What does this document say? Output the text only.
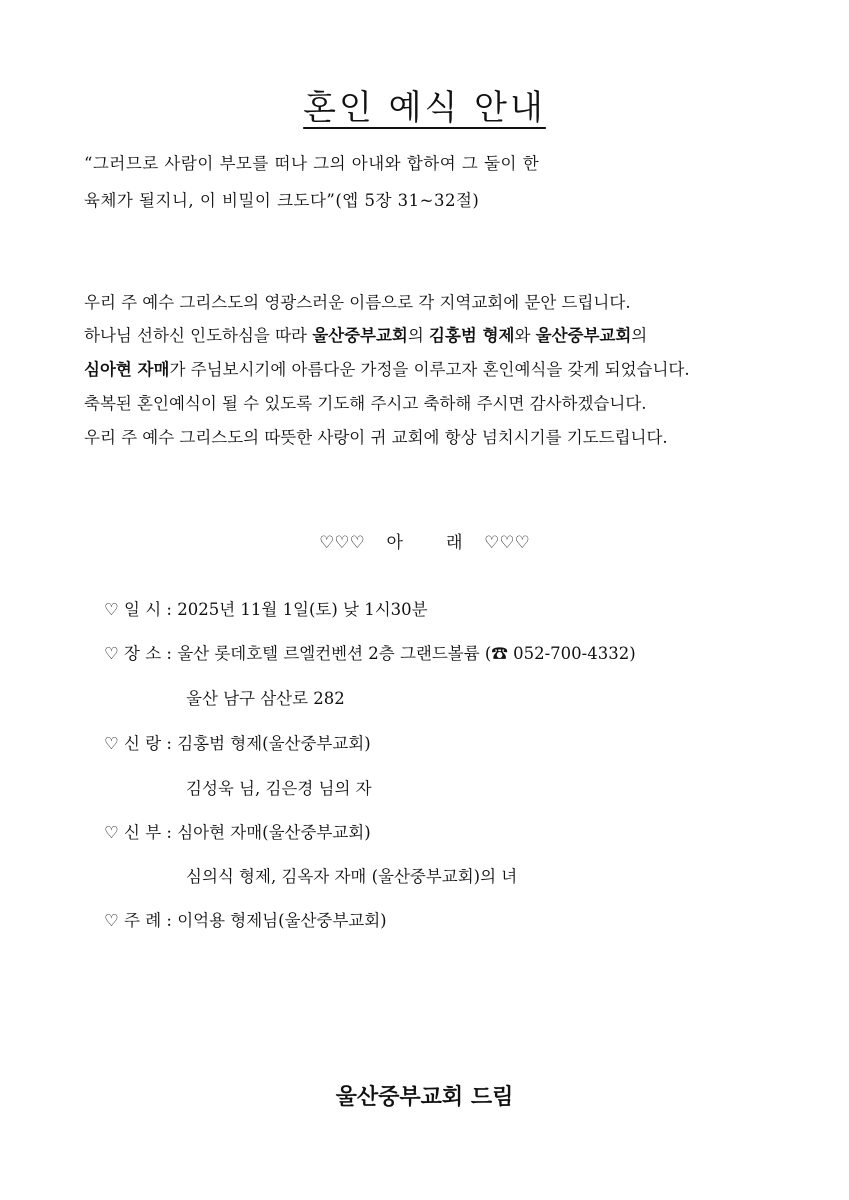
혼인 예식 안내
“그러므로 사람이 부모를 떠나 그의 아내와 합하여 그 둘이 한
육체가 될지니, 이 비밀이 크도다”(엡 5장 31~32절)
우리 주 예수 그리스도의 영광스러운 이름으로 각 지역교회에 문안 드립니다.
하나님 선하신 인도하심을 따라 울산중부교회의 김홍범 형제와 울산중부교회의
심아현 자매가 주님보시기에 아름다운 가정을 이루고자 혼인예식을 갖게 되었습니다.
축복된 혼인예식이 될 수 있도록 기도해 주시고 축하해 주시면 감사하겠습니다.
우리 주 예수 그리스도의 따뜻한 사랑이 귀 교회에 항상 넘치시기를 기도드립니다.
♡♡♡    아        래    ♡♡♡
♡ 일 시 : 2025년 11월 1일(토) 낮 1시30분
♡ 장 소 : 울산 롯데호텔 르엘컨벤션 2층 그랜드볼륨 (☎ 052-700-4332)
울산 남구 삼산로 282
♡ 신 랑 : 김홍범 형제(울산중부교회)
김성욱 님, 김은경 님의 자
♡ 신 부 : 심아현 자매(울산중부교회)
심의식 형제, 김옥자 자매 (울산중부교회)의 녀
♡ 주 례 : 이억용 형제님(울산중부교회)
울산중부교회 드림
